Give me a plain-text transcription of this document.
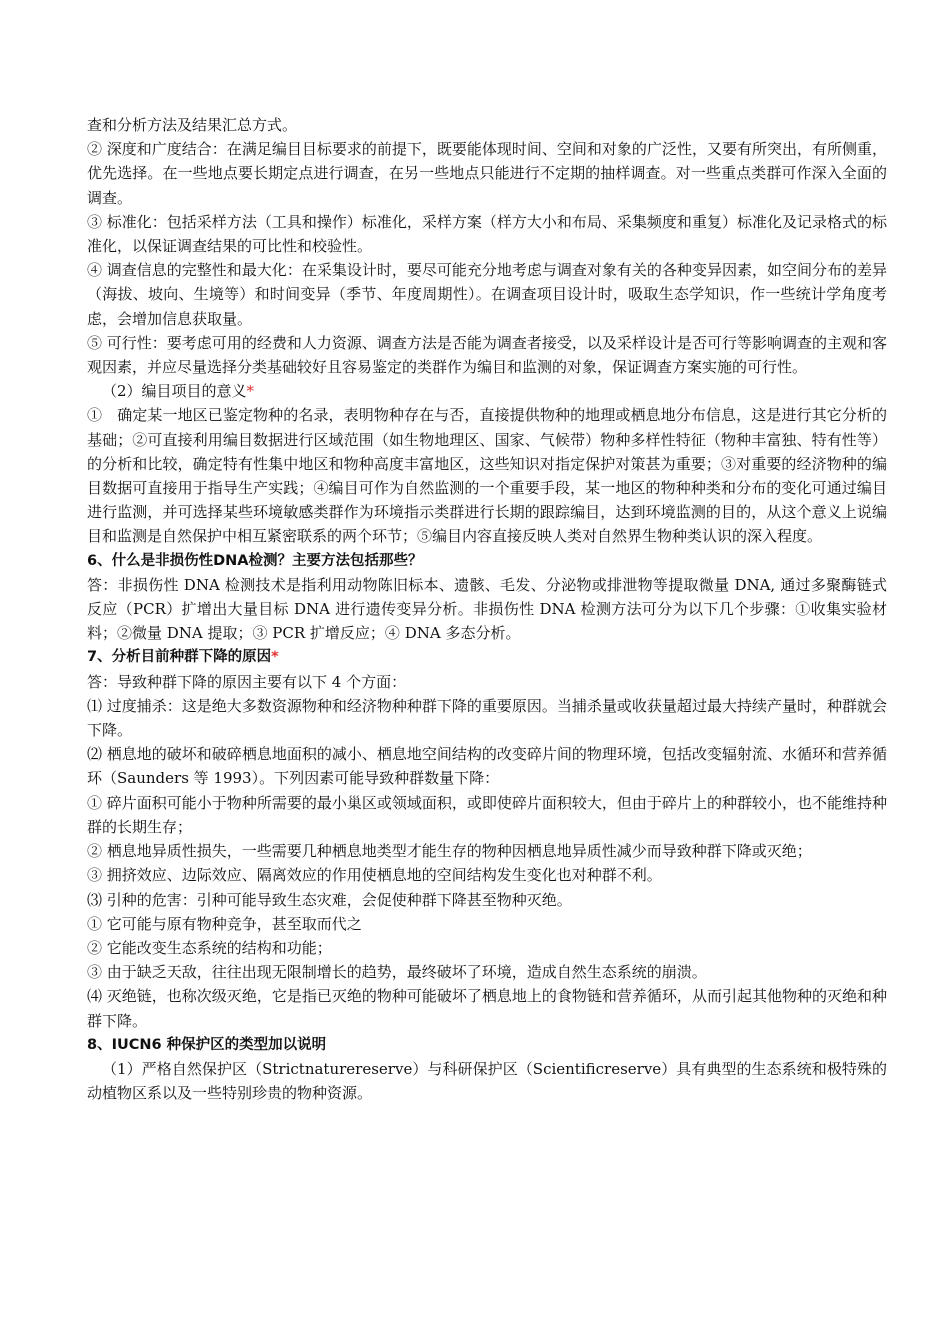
查和分析方法及结果汇总方式。

② 深度和广度结合：在满足编目目标要求的前提下，既要能体现时间、空间和对象的广泛性，又要有所突出，有所侧重，优先选择。在一些地点要长期定点进行调查，在另一些地点只能进行不定期的抽样调查。对一些重点类群可作深入全面的调查。

③ 标准化：包括采样方法（工具和操作）标准化，采样方案（样方大小和布局、采集频度和重复）标准化及记录格式的标准化，以保证调查结果的可比性和校验性。

④ 调查信息的完整性和最大化：在采集设计时，要尽可能充分地考虑与调查对象有关的各种变异因素，如空间分布的差异（海拔、坡向、生境等）和时间变异（季节、年度周期性）。在调查项目设计时，吸取生态学知识，作一些统计学角度考虑，会增加信息获取量。

⑤ 可行性：要考虑可用的经费和人力资源、调查方法是否能为调查者接受，以及采样设计是否可行等影响调查的主观和客观因素，并应尽量选择分类基础较好且容易鉴定的类群作为编目和监测的对象，保证调查方案实施的可行性。

（2）编目项目的意义*

①　确定某一地区已鉴定物种的名录，表明物种存在与否，直接提供物种的地理或栖息地分布信息，这是进行其它分析的基础；②可直接利用编目数据进行区域范围（如生物地理区、国家、气候带）物种多样性特征（物种丰富独、特有性等）的分析和比较，确定特有性集中地区和物种高度丰富地区，这些知识对指定保护对策甚为重要；③对重要的经济物种的编目数据可直接用于指导生产实践；④编目可作为自然监测的一个重要手段，某一地区的物种种类和分布的变化可通过编目进行监测，并可选择某些环境敏感类群作为环境指示类群进行长期的跟踪编目，达到环境监测的目的，从这个意义上说编目和监测是自然保护中相互紧密联系的两个环节；⑤编目内容直接反映人类对自然界生物种类认识的深入程度。

6、什么是非损伤性DNA检测？主要方法包括那些？

答：非损伤性 DNA 检测技术是指利用动物陈旧标本、遗骸、毛发、分泌物或排泄物等提取微量 DNA, 通过多聚酶链式反应（PCR）扩增出大量目标 DNA 进行遗传变异分析。非损伤性 DNA 检测方法可分为以下几个步骤：①收集实验材料；②微量 DNA 提取；③ PCR 扩增反应；④ DNA 多态分析。

7、分析目前种群下降的原因*

答：导致种群下降的原因主要有以下 4 个方面：

⑴ 过度捕杀：这是绝大多数资源物种和经济物种种群下降的重要原因。当捕杀量或收获量超过最大持续产量时，种群就会下降。

⑵ 栖息地的破坏和破碎栖息地面积的减小、栖息地空间结构的改变碎片间的物理环境，包括改变辐射流、水循环和营养循环（Saunders 等 1993）。下列因素可能导致种群数量下降：

① 碎片面积可能小于物种所需要的最小巢区或领域面积，或即使碎片面积较大，但由于碎片上的种群较小，也不能维持种群的长期生存；

② 栖息地异质性损失，一些需要几种栖息地类型才能生存的物种因栖息地异质性减少而导致种群下降或灭绝；

③ 拥挤效应、边际效应、隔离效应的作用使栖息地的空间结构发生变化也对种群不利。

⑶ 引种的危害：引种可能导致生态灾难，会促使种群下降甚至物种灭绝。

① 它可能与原有物种竞争，甚至取而代之

② 它能改变生态系统的结构和功能；

③ 由于缺乏天敌，往往出现无限制增长的趋势，最终破坏了环境，造成自然生态系统的崩溃。

⑷ 灭绝链，也称次级灭绝，它是指已灭绝的物种可能破坏了栖息地上的食物链和营养循环，从而引起其他物种的灭绝和种群下降。

8、IUCN6 种保护区的类型加以说明

（1）严格自然保护区（Strictnaturereserve）与科研保护区（Scientificreserve）具有典型的生态系统和极特殊的动植物区系以及一些特别珍贵的物种资源。
